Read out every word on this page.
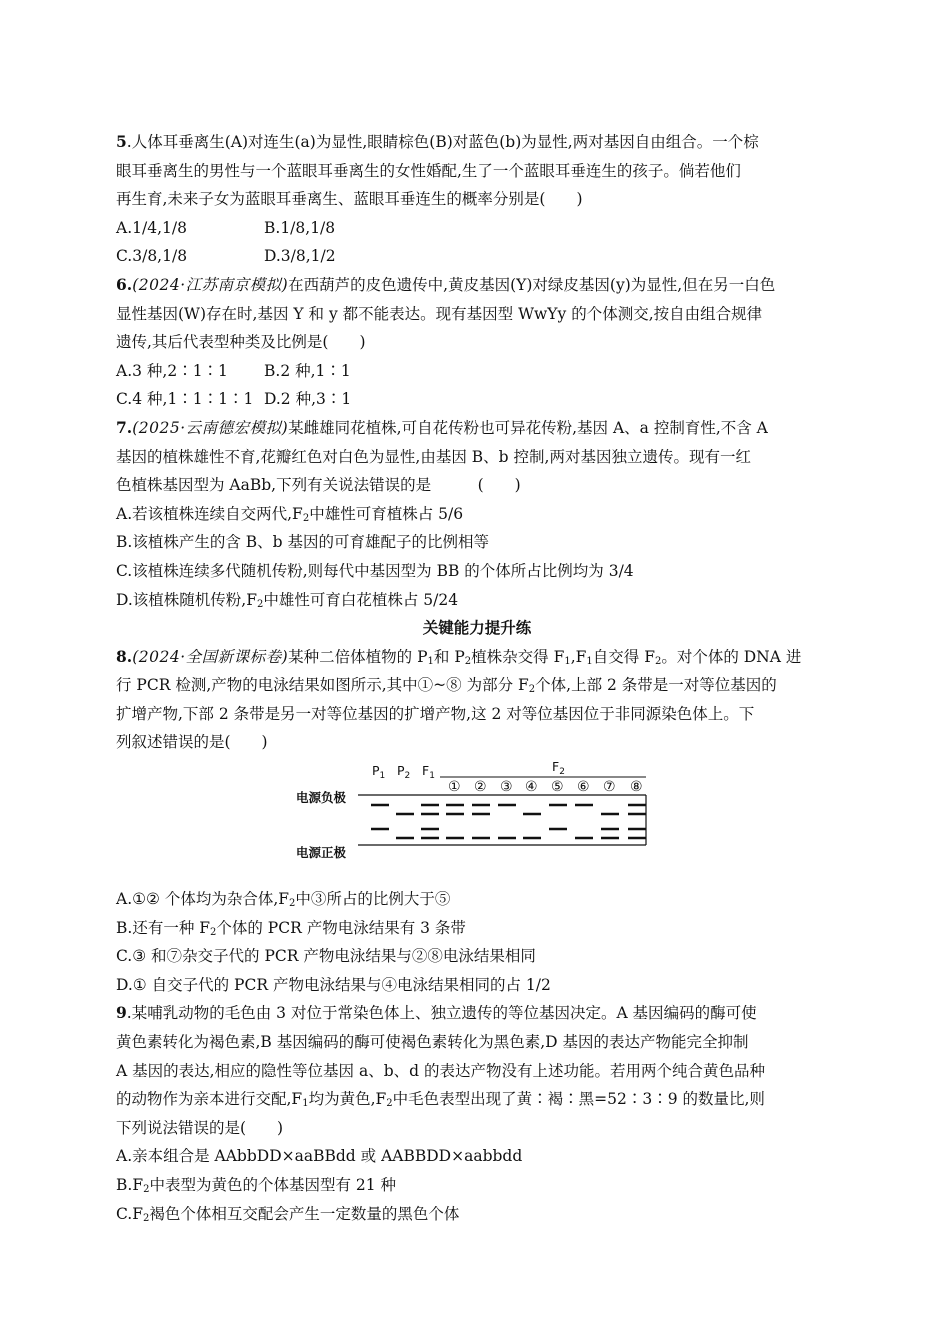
5.人体耳垂离生(A)对连生(a)为显性,眼睛棕色(B)对蓝色(b)为显性,两对基因自由组合。一个棕
眼耳垂离生的男性与一个蓝眼耳垂离生的女性婚配,生了一个蓝眼耳垂连生的孩子。倘若他们
再生育,未来子女为蓝眼耳垂离生、蓝眼耳垂连生的概率分别是(　　)
A.1/4,1/8	B.1/8,1/8
C.3/8,1/8	D.3/8,1/2
6.(2024·江苏南京模拟)在西葫芦的皮色遗传中,黄皮基因(Y)对绿皮基因(y)为显性,但在另一白色
显性基因(W)存在时,基因 Y 和 y 都不能表达。现有基因型 WwYy 的个体测交,按自由组合规律
遗传,其后代表型种类及比例是(　　)
A.3 种,2∶1∶1 B.2 种,1∶1
C.4 种,1∶1∶1∶1 D.2 种,3∶1
7.(2025·云南德宏模拟)某雌雄同花植株,可自花传粉也可异花传粉,基因 A、a 控制育性,不含 A
基因的植株雄性不育,花瓣红色对白色为显性,由基因 B、b 控制,两对基因独立遗传。现有一红
色植株基因型为 AaBb,下列有关说法错误的是　　　(　　)
A.若该植株连续自交两代$,F_2$中雄性可育植株占 5/6
B.该植株产生的含 B、b 基因的可育雄配子的比例相等
C.该植株连续多代随机传粉,则每代中基因型为 BB 的个体所占比例均为 3/4
D.该植株随机传粉$,F_2$中雄性可育白花植株占 5/24
关键能力提升练
8.(2024·全国新课标卷)某种二倍体植物的 $P_1$和 $P_2$植株杂交得 $F_1,F_1$自交得 $F_2$。对个体的 DNA 进
行 PCR 检测,产物的电泳结果如图所示,其中①~⑧ 为部分 $F_2$个体,上部 2 条带是一对等位基因的
扩增产物,下部 2 条带是另一对等位基因的扩增产物,这 2 对等位基因位于非同源染色体上。下
列叙述错误的是(　　)
$P_1$ $P_2$ $F_1$
$F_2$
① ② ③ ④ ⑤ ⑥ ⑦ ⑧
电源负极
电源正极
A.①② 个体均为杂合体$,F_2$中③所占的比例大于⑤
B.还有一种 $F_2$个体的 PCR 产物电泳结果有 3 条带
C.③ 和⑦杂交子代的 PCR 产物电泳结果与②⑧电泳结果相同
D.① 自交子代的 PCR 产物电泳结果与④电泳结果相同的占 1/2
9.某哺乳动物的毛色由 3 对位于常染色体上、独立遗传的等位基因决定。A 基因编码的酶可使
黄色素转化为褐色素,B 基因编码的酶可使褐色素转化为黑色素,D 基因的表达产物能完全抑制
A 基因的表达,相应的隐性等位基因 a、b、d 的表达产物没有上述功能。若用两个纯合黄色品种
的动物作为亲本进行交配$,F_1$均为黄色$,F_2$中毛色表型出现了黄∶褐∶黑=52∶3∶9 的数量比,则
下列说法错误的是(　　)
A.亲本组合是 AAbbDD×aaBBdd 或 AABBDD×aabbdd
$B.F_2$中表型为黄色的个体基因型有 21 种
$C.F_2$褐色个体相互交配会产生一定数量的黑色个体
